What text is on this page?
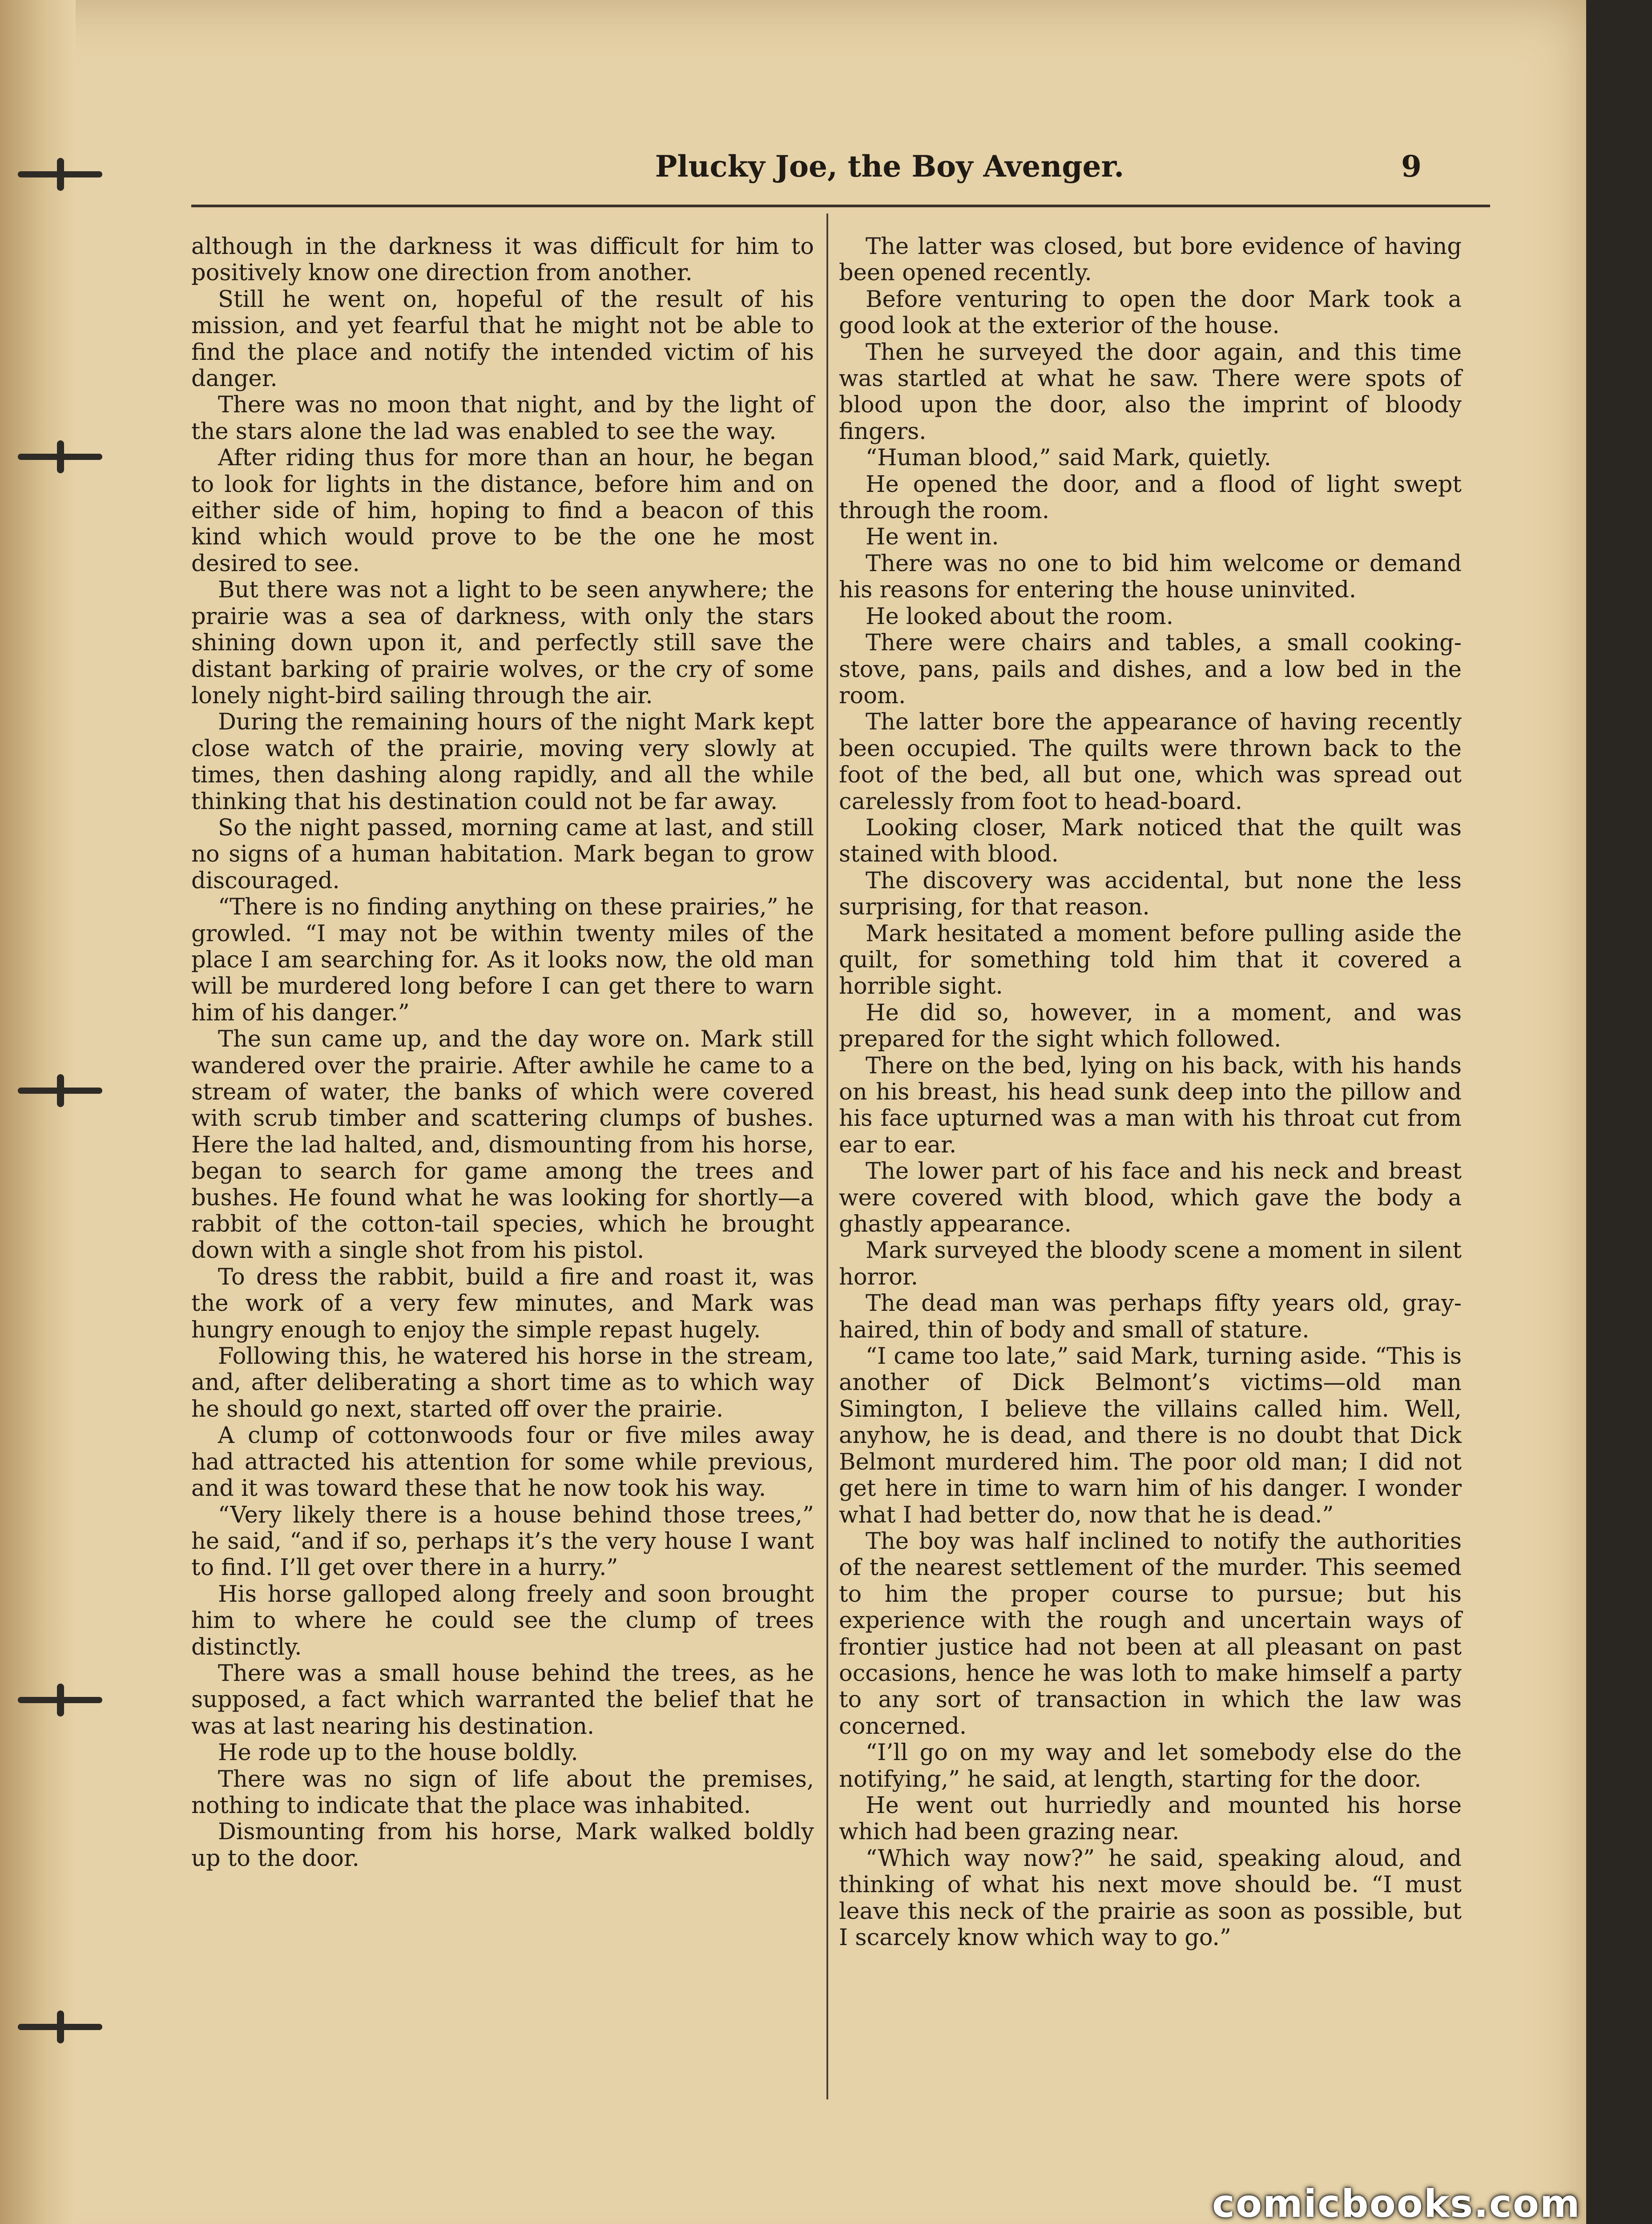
Plucky Joe, the Boy Avenger.	9

although in the darkness it was difficult for him to positively know one direction from another.

Still he went on, hopeful of the result of his mission, and yet fearful that he might not be able to find the place and notify the intended victim of his danger.

There was no moon that night, and by the light of the stars alone the lad was enabled to see the way.

After riding thus for more than an hour, he began to look for lights in the distance, before him and on either side of him, hoping to find a beacon of this kind which would prove to be the one he most desired to see.

But there was not a light to be seen anywhere; the prairie was a sea of darkness, with only the stars shining down upon it, and perfectly still save the distant barking of prairie wolves, or the cry of some lonely night-bird sailing through the air.

During the remaining hours of the night Mark kept close watch of the prairie, moving very slowly at times, then dashing along rapidly, and all the while thinking that his destination could not be far away.

So the night passed, morning came at last, and still no signs of a human habitation. Mark began to grow discouraged.

“There is no finding anything on these prairies,” he growled. “I may not be within twenty miles of the place I am searching for. As it looks now, the old man will be murdered long before I can get there to warn him of his danger.”

The sun came up, and the day wore on. Mark still wandered over the prairie. After awhile he came to a stream of water, the banks of which were covered with scrub timber and scattering clumps of bushes. Here the lad halted, and, dismounting from his horse, began to search for game among the trees and bushes. He found what he was looking for shortly—a rabbit of the cotton-tail species, which he brought down with a single shot from his pistol.

To dress the rabbit, build a fire and roast it, was the work of a very few minutes, and Mark was hungry enough to enjoy the simple repast hugely.

Following this, he watered his horse in the stream, and, after deliberating a short time as to which way he should go next, started off over the prairie.

A clump of cottonwoods four or five miles away had attracted his attention for some while previous, and it was toward these that he now took his way.

“Very likely there is a house behind those trees,” he said, “and if so, perhaps it’s the very house I want to find. I’ll get over there in a hurry.”

His horse galloped along freely and soon brought him to where he could see the clump of trees distinctly.

There was a small house behind the trees, as he supposed, a fact which warranted the belief that he was at last nearing his destination.

He rode up to the house boldly.

There was no sign of life about the premises, nothing to indicate that the place was inhabited.

Dismounting from his horse, Mark walked boldly up to the door.

The latter was closed, but bore evidence of having been opened recently.

Before venturing to open the door Mark took a good look at the exterior of the house.

Then he surveyed the door again, and this time was startled at what he saw. There were spots of blood upon the door, also the imprint of bloody fingers.

“Human blood,” said Mark, quietly.

He opened the door, and a flood of light swept through the room.

He went in.

There was no one to bid him welcome or demand his reasons for entering the house uninvited.

He looked about the room.

There were chairs and tables, a small cooking-stove, pans, pails and dishes, and a low bed in the room.

The latter bore the appearance of having recently been occupied. The quilts were thrown back to the foot of the bed, all but one, which was spread out carelessly from foot to head-board.

Looking closer, Mark noticed that the quilt was stained with blood.

The discovery was accidental, but none the less surprising, for that reason.

Mark hesitated a moment before pulling aside the quilt, for something told him that it covered a horrible sight.

He did so, however, in a moment, and was prepared for the sight which followed.

There on the bed, lying on his back, with his hands on his breast, his head sunk deep into the pillow and his face upturned was a man with his throat cut from ear to ear.

The lower part of his face and his neck and breast were covered with blood, which gave the body a ghastly appearance.

Mark surveyed the bloody scene a moment in silent horror.

The dead man was perhaps fifty years old, gray-haired, thin of body and small of stature.

“I came too late,” said Mark, turning aside. “This is another of Dick Belmont’s victims—old man Simington, I believe the villains called him. Well, anyhow, he is dead, and there is no doubt that Dick Belmont murdered him. The poor old man; I did not get here in time to warn him of his danger. I wonder what I had better do, now that he is dead.”

The boy was half inclined to notify the authorities of the nearest settlement of the murder. This seemed to him the proper course to pursue; but his experience with the rough and uncertain ways of frontier justice had not been at all pleasant on past occasions, hence he was loth to make himself a party to any sort of transaction in which the law was concerned.

“I’ll go on my way and let somebody else do the notifying,” he said, at length, starting for the door.

He went out hurriedly and mounted his horse which had been grazing near.

“Which way now?” he said, speaking aloud, and thinking of what his next move should be. “I must leave this neck of the prairie as soon as possible, but I scarcely know which way to go.”

comicbooks.com
